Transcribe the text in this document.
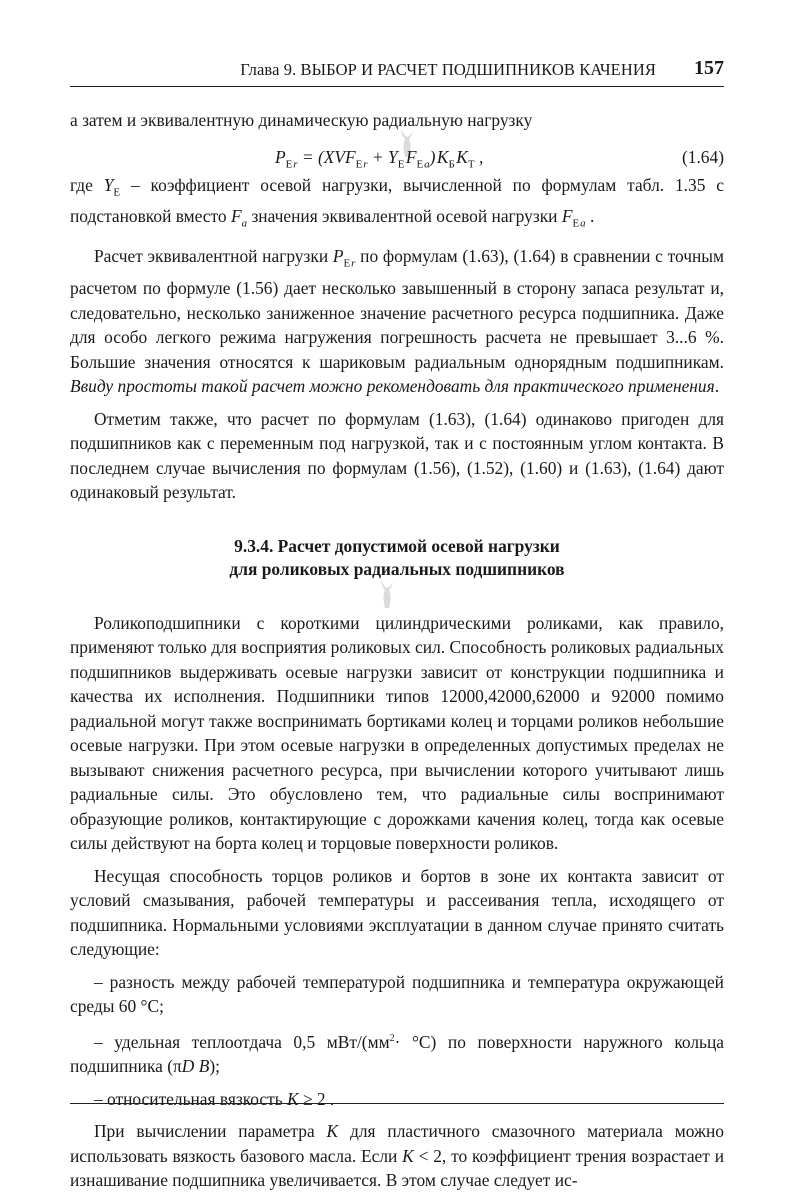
Глава 9. ВЫБОР И РАСЧЕТ ПОДШИПНИКОВ КАЧЕНИЯ 157

а затем и эквивалентную динамическую радиальную нагрузку

$P_{E r} = (XVF_{E r} + Y_E$ $F_{E a}$) $K_Б$ $K_Т$ ,	(1.64)

где $Y_E$ – коэффициент осевой нагрузки, вычисленной по формулам табл. 1.35 с подстановкой вместо $F_a$ значения эквивалентной осевой нагрузки $F_{E a}$ .

Расчет эквивалентной нагрузки $P_{E r}$ по формулам (1.63), (1.64) в сравнении с точным расчетом по формуле (1.56) дает несколько завышенный в сторону запаса результат и, следовательно, несколько заниженное значение расчетного ресурса подшипника. Даже для особо легкого режима нагружения погрешность расчета не превышает 3...6 %. Большие значения относятся к шариковым радиальным однорядным подшипникам. Ввиду простоты такой расчет можно рекомендовать для практического применения.

Отметим также, что расчет по формулам (1.63), (1.64) одинаково пригоден для подшипников как с переменным под нагрузкой, так и с постоянным углом контакта. В последнем случае вычисления по формулам (1.56), (1.52), (1.60) и (1.63), (1.64) дают одинаковый результат.

9.3.4. Расчет допустимой осевой нагрузки
для роликовых радиальных подшипников

Роликоподшипники с короткими цилиндрическими роликами, как правило, применяют только для восприятия роликовых сил. Способность роликовых радиальных подшипников выдерживать осевые нагрузки зависит от конструкции подшипника и качества их исполнения. Подшипники типов 12000,42000,62000 и 92000 помимо радиальной могут также воспринимать бортиками колец и торцами роликов небольшие осевые нагрузки. При этом осевые нагрузки в определенных допустимых пределах не вызывают снижения расчетного ресурса, при вычислении которого учитывают лишь радиальные силы. Это обусловлено тем, что радиальные силы воспринимают образующие роликов, контактирующие с дорожками качения колец, тогда как осевые силы действуют на борта колец и торцовые поверхности роликов.

Несущая способность торцов роликов и бортов в зоне их контакта зависит от условий смазывания, рабочей температуры и рассеивания тепла, исходящего от подшипника. Нормальными условиями эксплуатации в данном случае принято считать следующие:

– разность между рабочей температурой подшипника и температура окружающей среды 60 °C;

– удельная теплоотдача 0,5 мВт/$(мм^2\cdot ^\circ C)$ по поверхности наружного кольца подшипника (πD B);

– относительная вязкость K ≥ 2 .

При вычислении параметра K для пластичного смазочного материала можно использовать вязкость базового масла. Если K < 2, то коэффициент трения возрастает и изнашивание подшипника увеличивается. В этом случае следует ис-
